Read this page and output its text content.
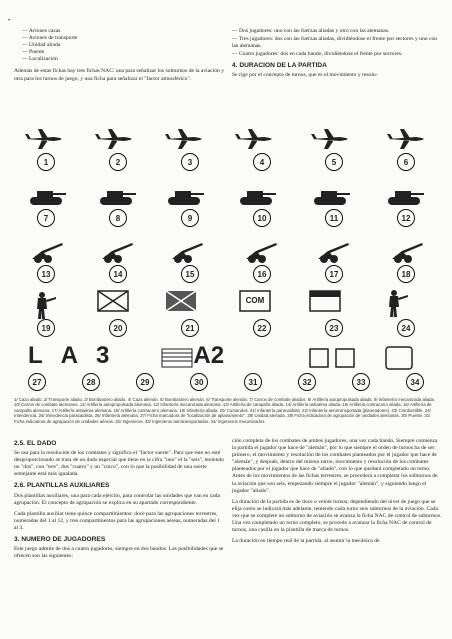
•
— Aviones cazas
— Aviones de transporte
— Unidad aliada
— Puente
— Localización

Además de estas fichas hay tres fichas NAC: una para señalizar los subturnos de la aviación y otra para los turnos de juego, y una ficha para señalizar el "factor atmosférico".

— Dos jugadores: uno con las fuerzas aliadas y otro con las alemanas.

— Tres jugadores: dos con las fuerzas aliadas, dividiéndose el frente por sectores y uno con las alemanas.

— Cuatro jugadores: dos en cada bando, dividiéndose el frente por sectores.

4. DURACION DE LA PARTIDA

Se rige por el concepto de turnos, que es el movimiento y resolu-

1	2	3	4	5	6
7	8	9	10	11	12
13	14	15	16	17	18
COM
19	20	21	22	23	24
L A 3	A2
27	28	29	30	31	32	33	34
1/ Caza aliado. 2/ Transporte aliado. 3/ Bombardero aliado. 4/ Caza alemán. 5/ Bombardero alemán. 6/ Transporte alemán. 7/ Carros de combate aliados. 8/ Artillería autopropulsada aliada. 9/ Infantería mecanizada aliada. 10/ Carros de combate alemanes. 11/ Artillería autopropulsada alemana. 12/ Infantería mecanizada alemana. 13/ Artillería de campaña aliada. 14/ Artillería antiaérea aliada. 15/ Artillería contracarro aliada. 16/ Artillería de campaña alemana. 17/ Artillería antiaérea alemana. 18/ Artillería contracarro alemana. 19/ Infantería aliada. 20/ Comandos. 21/ Infantería paracaidista. 22/ Infantería aerotransportada (planeadores). 23/ Combustible. 24/ Intendencia. 25/ Intendencia paracaidista. 26/ Infantería alemana. 27/ Ficha marcadora de "localización de aplanamiento". 28/ Unidad alertada. 29/ Ficha indicadora de agrupación de unidades alemanas. 30/ Puente. 31/ Ficha indicadora de agrupación de unidades aéreas. 32/ Ingenieros. 33/ Ingenieros aerotransportados. 34/ Ingenieros mecanizados.
2.5. EL DADO

Se usa para la resolución de los combates y significa el "factor suerte". Para que éste no esté desproporcionado se trata de un dado especial que tiene en la cifra "uno" el la "seis", teniendo un "dos", con "tres", dos "cuatro" y un "cinco", con lo que la posibilidad de una suerte semejante está más igualada.

2.6. PLANTILLAS AUXILIARES

Dos plantillas auxiliares, una para cada ejército, para controlar las unidades que van en cada agrupación. El concepto de agrupación se explica en su apartado correspondiente.

Cada plantilla auxiliar tiene quince compartimientos: doce para las agrupaciones terrestres, numeradas del 1 al 12, y tres compartimentos para las agrupaciones aéreas, numeradas del 1 al 3.

3. NUMERO DE JUGADORES

Este juego admite de dos a cuatro jugadores, siempre en dos bandos. Las posibilidades que se ofrecen son las siguientes:

ción completa de los combates de ambos jugadores, una vez cada bando. Siempre comienza la partida el jugador que hace de "alemán", por lo que siempre el orden de turnos ha de ser: primero, el movimiento y resolución de los combates planteados por el jugador que hace de "alemán", y después, dentro del mismo turno, movimiento y resolución de los combates planteados por el jugador que hace de "aliado", con lo que quedará completado un turno. Antes de los movimientos de las fichas terrestres, se procederá a completar los subturnos de la aviación que son seis, empezando siempre el jugador "alemán", y siguiendo luego el jugador "aliado".

La duración de la partida es de doce o veinte turnos, dependiendo del nivel de juego que se elija como se indicará más adelante, teniendo cada turno seis subturnos de la aviación. Cada vez que se complete un subturno de aviación se avanza la ficha NAC de control de subturnos. Una vez completado un turno completo, se procede a avanzar la ficha NAC de control de turnos, una casilla en la plantilla de marca de turnos.

La duración en tiempo real de la partida, al asumir la mecánica de
